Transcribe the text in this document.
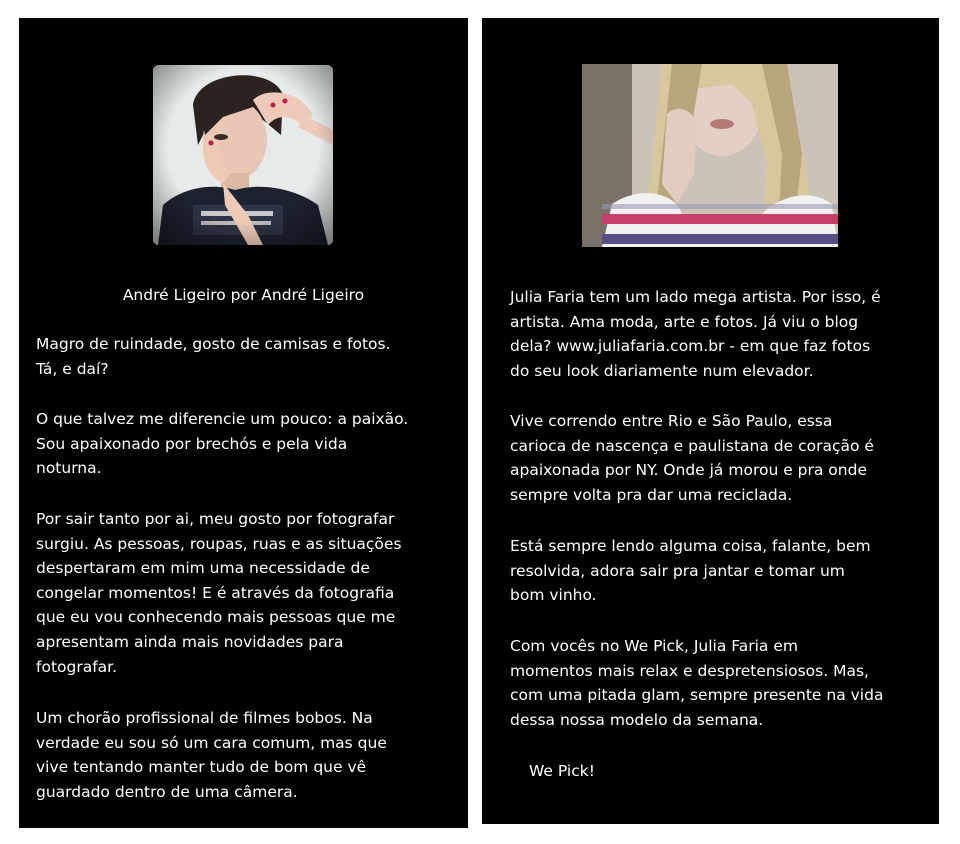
André Ligeiro por André Ligeiro
Magro de ruindade, gosto de camisas e fotos.
Tá, e daí?
O que talvez me diferencie um pouco: a paixão.
Sou apaixonado por brechós e pela vida
noturna.
Por sair tanto por ai, meu gosto por fotografar
surgiu. As pessoas, roupas, ruas e as situações
despertaram em mim uma necessidade de
congelar momentos! E é através da fotografia
que eu vou conhecendo mais pessoas que me
apresentam ainda mais novidades para
fotografar.
Um chorão profissional de filmes bobos. Na
verdade eu sou só um cara comum, mas que
vive tentando manter tudo de bom que vê
guardado dentro de uma câmera.
Julia Faria tem um lado mega artista. Por isso, é
artista. Ama moda, arte e fotos. Já viu o blog
dela? www.juliafaria.com.br - em que faz fotos
do seu look diariamente num elevador.
Vive correndo entre Rio e São Paulo, essa
carioca de nascença e paulistana de coração é
apaixonada por NY. Onde já morou e pra onde
sempre volta pra dar uma reciclada.
Está sempre lendo alguma coisa, falante, bem
resolvida, adora sair pra jantar e tomar um
bom vinho.
Com vocês no We Pick, Julia Faria em
momentos mais relax e despretensiosos. Mas,
com uma pitada glam, sempre presente na vida
dessa nossa modelo da semana.
We Pick!
